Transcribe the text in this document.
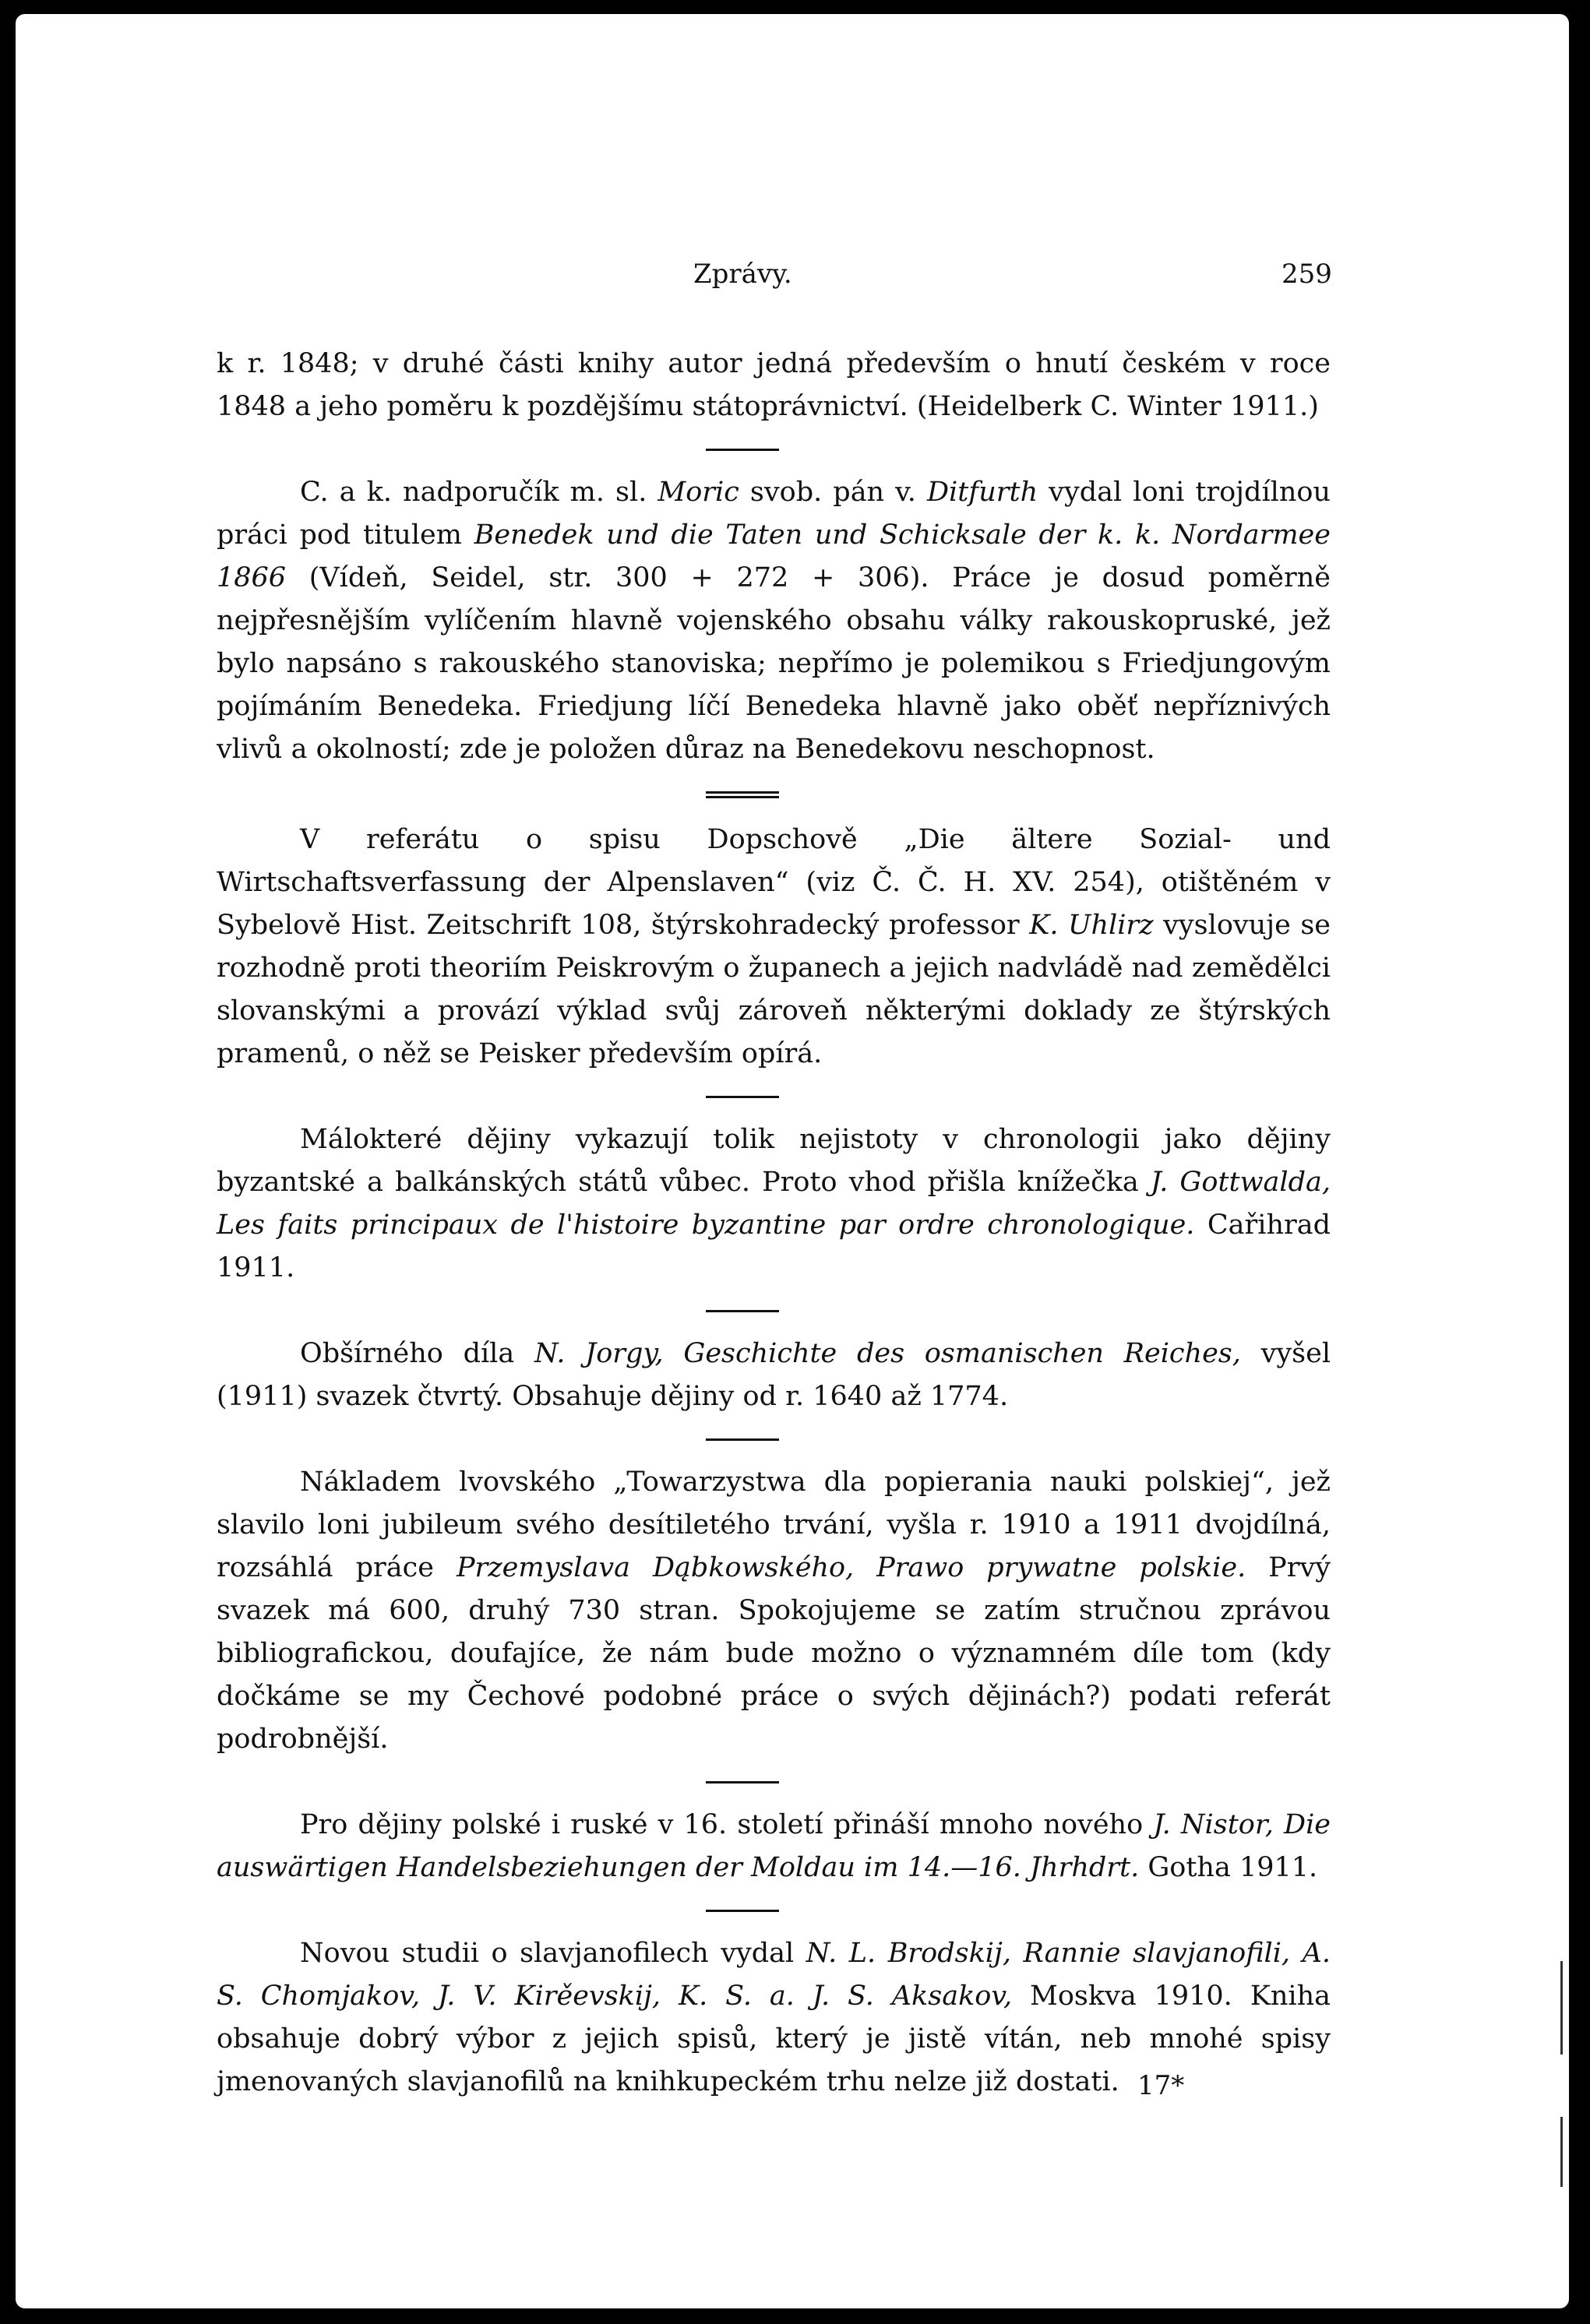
Zprávy.	259

k r. 1848; v druhé části knihy autor jedná především o hnutí českém v roce 1848 a jeho poměru k pozdějšímu státoprávnictví. (Heidelberk C. Winter 1911.)

C. a k. nadporučík m. sl. Moric svob. pán v. Ditfurth vydal loni trojdílnou práci pod titulem Benedek und die Taten und Schicksale der k. k. Nordarmee 1866 (Vídeň, Seidel, str. 300 + 272 + 306). Práce je dosud poměrně nejpřesnějším vylíčením hlavně vojenského obsahu války rakouskopruské, jež bylo napsáno s rakouského stanoviska; nepřímo je polemikou s Friedjungovým pojímáním Benedeka. Friedjung líčí Benedeka hlavně jako oběť nepříznivých vlivů a okolností; zde je položen důraz na Benedekovu neschopnost.

V referátu o spisu Dopschově „Die ältere Sozial- und Wirtschaftsverfassung der Alpenslaven“ (viz Č. Č. H. XV. 254), otištěném v Sybelově Hist. Zeitschrift 108, štýrskohradecký professor K. Uhlirz vyslovuje se rozhodně proti theoriím Peiskrovým o županech a jejich nadvládě nad zemědělci slovanskými a provází výklad svůj zároveň některými doklady ze štýrských pramenů, o něž se Peisker především opírá.

Málokteré dějiny vykazují tolik nejistoty v chronologii jako dějiny byzantské a balkánských států vůbec. Proto vhod přišla knížečka J. Gottwalda, Les faits principaux de l'histoire byzantine par ordre chronologique. Cařihrad 1911.

Obšírného díla N. Jorgy, Geschichte des osmanischen Reiches, vyšel (1911) svazek čtvrtý. Obsahuje dějiny od r. 1640 až 1774.

Nákladem lvovského „Towarzystwa dla popierania nauki polskiej“, jež slavilo loni jubileum svého desítiletého trvání, vyšla r. 1910 a 1911 dvojdílná, rozsáhlá práce Przemyslava Dąbkowského, Prawo prywatne polskie. Prvý svazek má 600, druhý 730 stran. Spokojujeme se zatím stručnou zprávou bibliografickou, doufajíce, že nám bude možno o významném díle tom (kdy dočkáme se my Čechové podobné práce o svých dějinách?) podati referát podrobnější.

Pro dějiny polské i ruské v 16. století přináší mnoho nového J. Nistor, Die auswärtigen Handelsbeziehungen der Moldau im 14.—16. Jhrhdrt. Gotha 1911.

Novou studii o slavjanofilech vydal N. L. Brodskij, Rannie slavjanofili, A. S. Chomjakov, J. V. Kirěevskij, K. S. a. J. S. Aksakov, Moskva 1910. Kniha obsahuje dobrý výbor z jejich spisů, který je jistě vítán, neb mnohé spisy jmenovaných slavjanofilů na knihkupeckém trhu nelze již dostati. 17*
